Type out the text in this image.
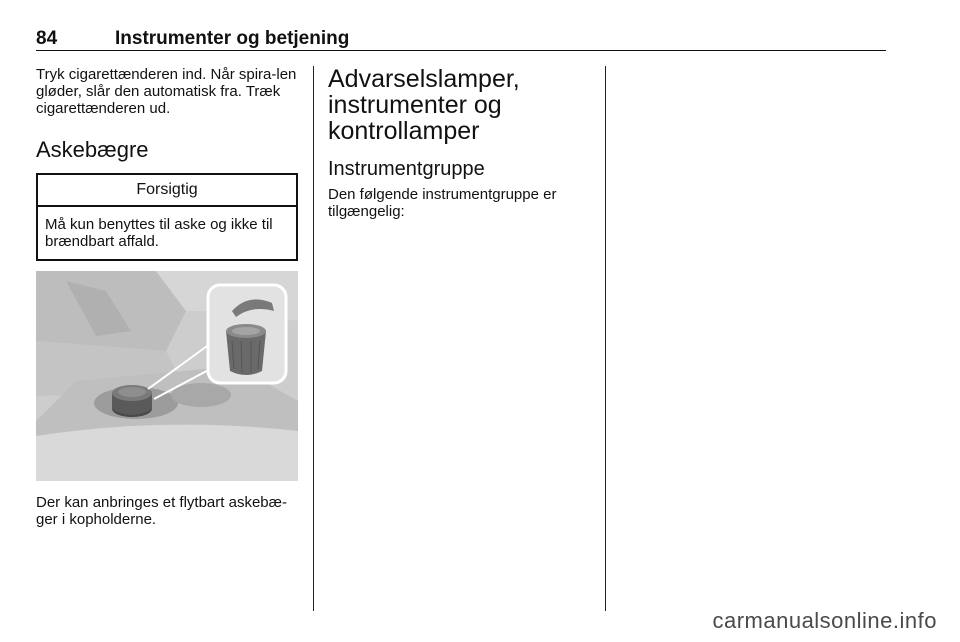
84	Instrumenter og betjening

Tryk cigarettænderen ind. Når spira-len gløder, slår den automatisk fra. Træk cigarettænderen ud.

Askebægre

Forsigtig
Må kun benyttes til aske og ikke til brændbart affald.

Der kan anbringes et flytbart askebæ-ger i kopholderne.

Advarselslamper, instrumenter og kontrollamper

Instrumentgruppe

Den følgende instrumentgruppe er tilgængelig:

carmanualsonline.info
